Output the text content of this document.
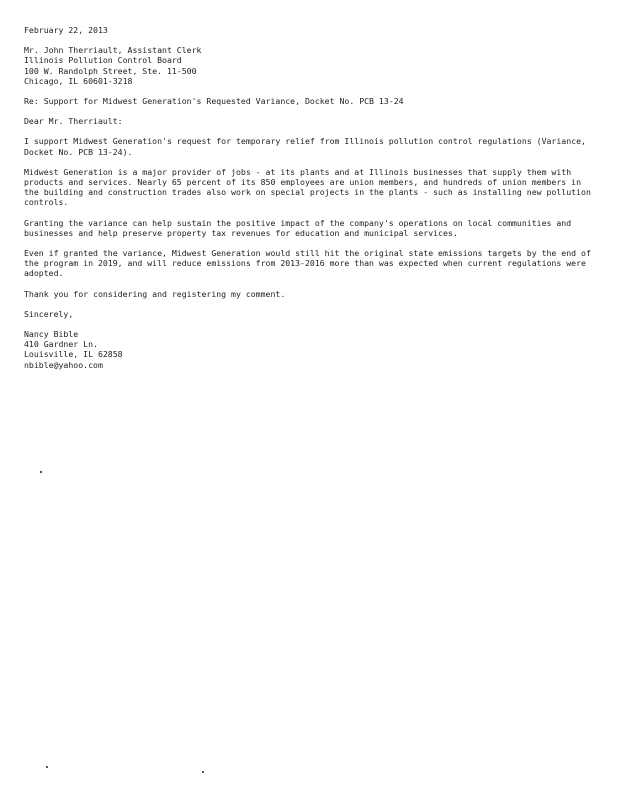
February 22, 2013
Mr. John Therriault, Assistant Clerk
Illinois Pollution Control Board
100 W. Randolph Street, Ste. 11-500
Chicago, IL 60601-3218
Re: Support for Midwest Generation's Requested Variance, Docket No. PCB 13-24
Dear Mr. Therriault:
I support Midwest Generation's request for temporary relief from Illinois pollution control regulations (Variance, Docket No. PCB 13-24).
Midwest Generation is a major provider of jobs - at its plants and at Illinois businesses that supply them with products and services. Nearly 65 percent of its 850 employees are union members, and hundreds of union members in the building and construction trades also work on special projects in the plants - such as installing new pollution controls.
Granting the variance can help sustain the positive impact of the company's operations on local communities and businesses and help preserve property tax revenues for education and municipal services.
Even if granted the variance, Midwest Generation would still hit the original state emissions targets by the end of the program in 2019, and will reduce emissions from 2013-2016 more than was expected when current regulations were adopted.
Thank you for considering and registering my comment.
Sincerely,
Nancy Bible
410 Gardner Ln.
Louisville, IL 62858
nbible@yahoo.com
